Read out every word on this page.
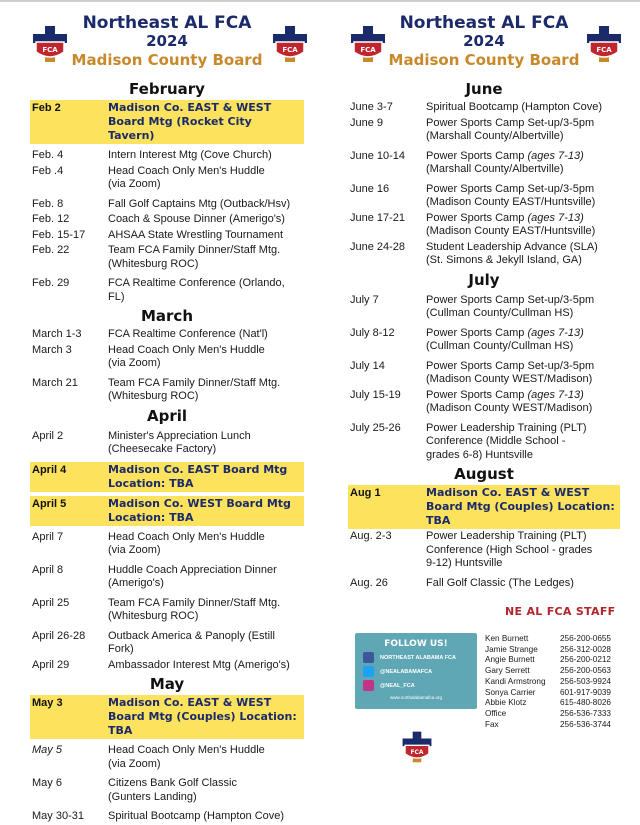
FCA	FCA
Northeast AL FCA
2024
Madison County Board
February
Feb 2	Madison Co. EAST & WEST Board Mtg (Rocket City Tavern)
Feb. 4	Intern Interest Mtg (Cove Church)
Feb .4	Head Coach Only Men's Huddle
(via Zoom)
Feb. 8	Fall Golf Captains Mtg (Outback/Hsv)
Feb. 12	Coach & Spouse Dinner (Amerigo's)
Feb. 15-17	AHSAA State Wrestling Tournament
Feb. 22	Team FCA Family Dinner/Staff Mtg.
(Whitesburg ROC)
Feb. 29	FCA Realtime Conference (Orlando, FL)
March
March 1-3	FCA Realtime Conference (Nat'l)
March 3	Head Coach Only Men's Huddle
(via Zoom)
March 21	Team FCA Family Dinner/Staff Mtg.
(Whitesburg ROC)
April
April 2	Minister's Appreciation Lunch
(Cheesecake Factory)
April 4	Madison Co. EAST Board Mtg
Location: TBA
April 5	Madison Co. WEST Board Mtg
Location: TBA
April 7	Head Coach Only Men's Huddle
(via Zoom)
April 8	Huddle Coach Appreciation Dinner
(Amerigo's)
April 25	Team FCA Family Dinner/Staff Mtg.
(Whitesburg ROC)
April 26-28	Outback America & Panoply (Estill Fork)
April 29	Ambassador Interest Mtg (Amerigo's)
May
May 3	Madison Co. EAST & WEST Board Mtg (Couples) Location: TBA
May 5	Head Coach Only Men's Huddle
(via Zoom)
May 6	Citizens Bank Golf Classic
(Gunters Landing)
May 30-31	Spiritual Bootcamp (Hampton Cove)
FCA	FCA
Northeast AL FCA
2024
Madison County Board
June
June 3-7	Spiritual Bootcamp (Hampton Cove)
June 9	Power Sports Camp Set-up/3-5pm
(Marshall County/Albertville)
June 10-14	Power Sports Camp (ages 7-13)
(Marshall County/Albertville)
June 16	Power Sports Camp Set-up/3-5pm
(Madison County EAST/Huntsville)
June 17-21	Power Sports Camp (ages 7-13)
(Madison County EAST/Huntsville)
June 24-28	Student Leadership Advance (SLA)
(St. Simons & Jekyll Island, GA)
July
July 7	Power Sports Camp Set-up/3-5pm
(Cullman County/Cullman HS)
July 8-12	Power Sports Camp (ages 7-13)
(Cullman County/Cullman HS)
July 14	Power Sports Camp Set-up/3-5pm
(Madison County WEST/Madison)
July 15-19	Power Sports Camp (ages 7-13)
(Madison County WEST/Madison)
July 25-26	Power Leadership Training (PLT)
Conference (Middle School -
grades 6-8) Huntsville
August
Aug 1	Madison Co. EAST & WEST Board Mtg (Couples) Location: TBA
Aug. 2-3	Power Leadership Training (PLT)
Conference (High School - grades
9-12) Huntsville
Aug. 26	Fall Golf Classic (The Ledges)
NE AL FCA STAFF
FOLLOW US!
NORTHEAST ALABAMA FCA
@NEALABAMAFCA
@NEAL_FCA
www.northalabamafca.org
Ken Burnett	256-200-0655
Jamie Strange	256-312-0028
Angie Burnett	256-200-0212
Gary Serrett	256-200-0563
Kandi Armstrong 256-503-9924
Sonya Carrier	601-917-9039
Abbie Klotz	615-480-8026
Office	256-536-7333
Fax	256-536-3744
FCA
